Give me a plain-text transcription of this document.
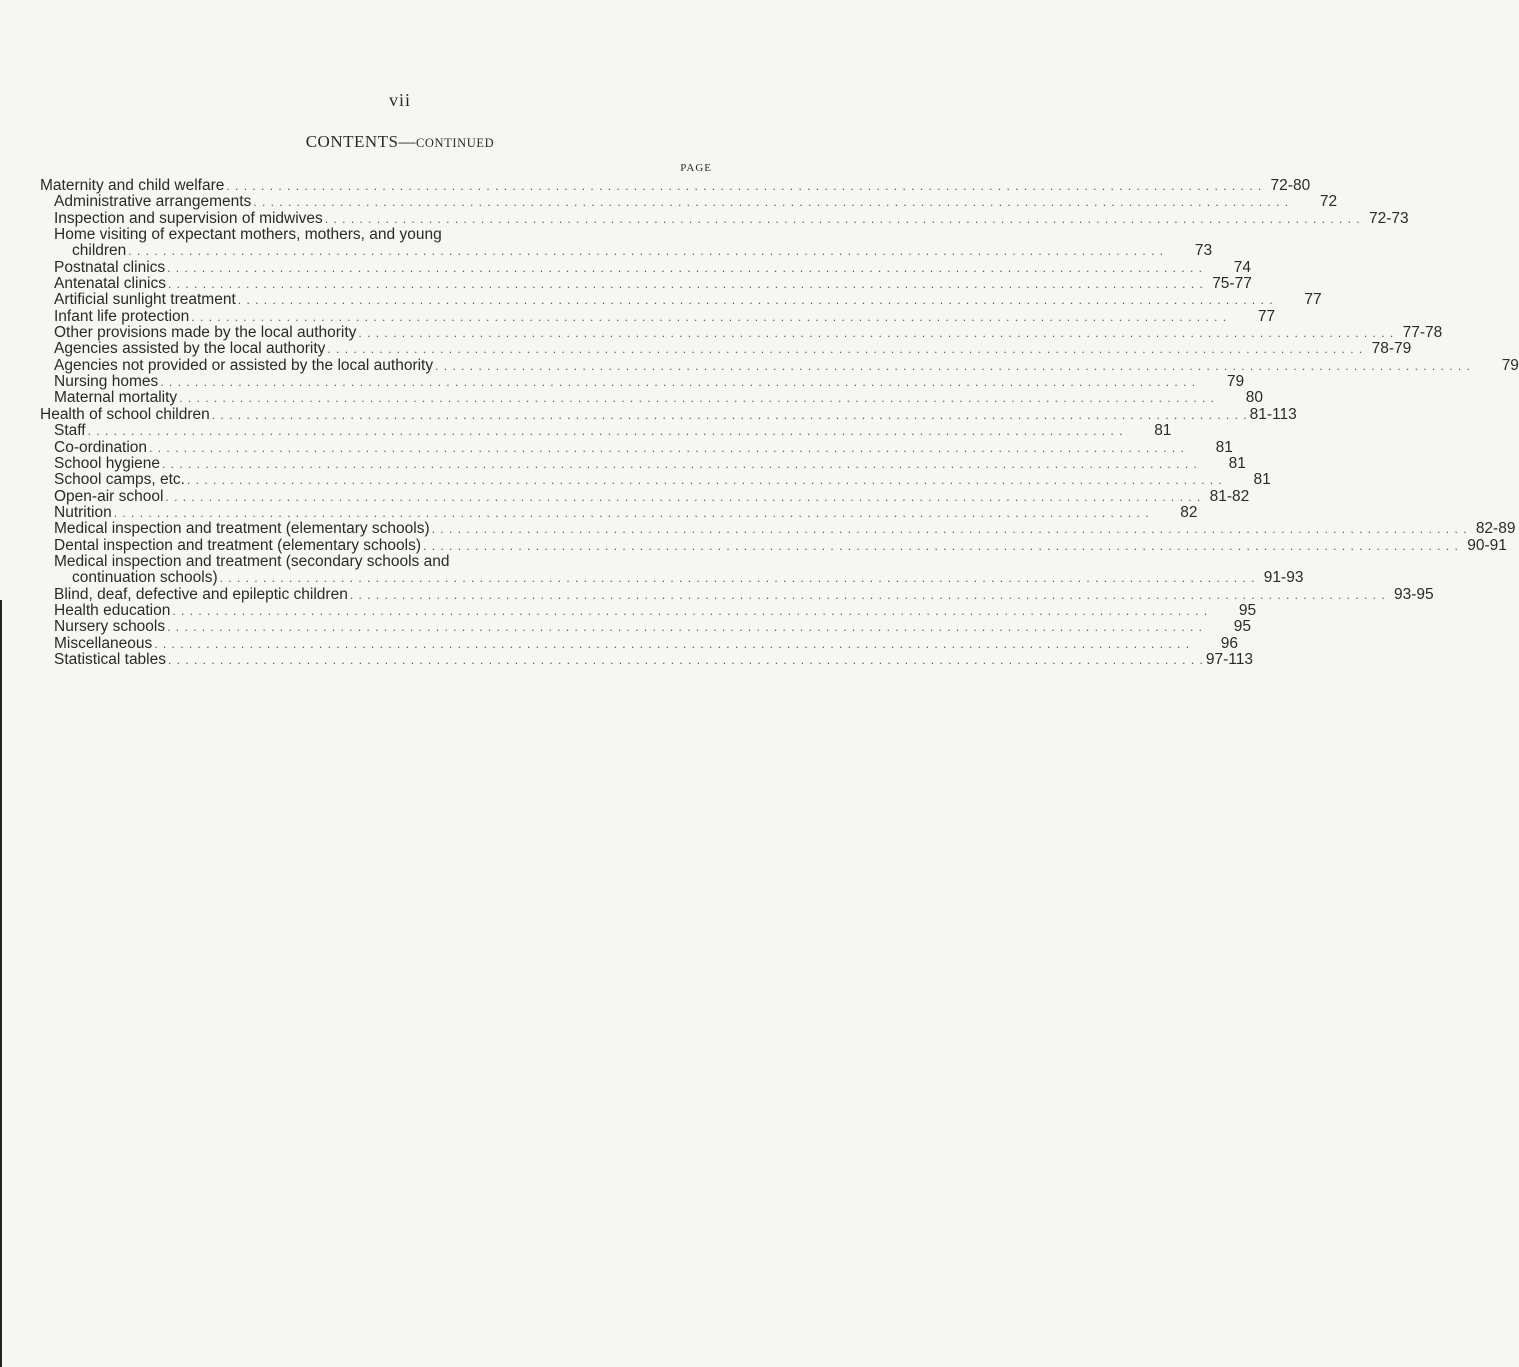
vii
CONTENTS—CONTINUED
PAGE
Maternity and child welfare . . . . . . . . . . . . . . . . . . . . . . . . . . . . . . . . . . . . . . . . . . . . . . . . . . . . . . . . . . . . . . . . . . . . . . . . . . . . . . . . . . . . . . . . . . . . . . . . . . . . . . . . . . . . . . . . . . . . . . . . 72-80
Administrative arrangements . . . . . . . . . . . . . . . . . . . . . . . . . . . . . . . . . . . . . . . . . . . . . . . . . . . . . . . . . . . . . . . . . . . . . . . . . . . . . . . . . . . . . . . . . . . . . . . . . . . . . . . . . . . . . . . . . . . . . . . .	72
Inspection and supervision of midwives . . . . . . . . . . . . . . . . . . . . . . . . . . . . . . . . . . . . . . . . . . . . . . . . . . . . . . . . . . . . . . . . . . . . . . . . . . . . . . . . . . . . . . . . . . . . . . . . . . . . . . . . . . . . . . . . . . . . . . . . 72-73
Home visiting of expectant mothers, mothers, and young
children . . . . . . . . . . . . . . . . . . . . . . . . . . . . . . . . . . . . . . . . . . . . . . . . . . . . . . . . . . . . . . . . . . . . . . . . . . . . . . . . . . . . . . . . . . . . . . . . . . . . . . . . . . . . . . . . . . . . . . . .	73
Postnatal clinics . . . . . . . . . . . . . . . . . . . . . . . . . . . . . . . . . . . . . . . . . . . . . . . . . . . . . . . . . . . . . . . . . . . . . . . . . . . . . . . . . . . . . . . . . . . . . . . . . . . . . . . . . . . . . . . . . . . . . . . .	74
Antenatal clinics . . . . . . . . . . . . . . . . . . . . . . . . . . . . . . . . . . . . . . . . . . . . . . . . . . . . . . . . . . . . . . . . . . . . . . . . . . . . . . . . . . . . . . . . . . . . . . . . . . . . . . . . . . . . . . . . . . . . . . . . 75-77
Artificial sunlight treatment . . . . . . . . . . . . . . . . . . . . . . . . . . . . . . . . . . . . . . . . . . . . . . . . . . . . . . . . . . . . . . . . . . . . . . . . . . . . . . . . . . . . . . . . . . . . . . . . . . . . . . . . . . . . . . . . . . . . . . . .	77
Infant life protection . . . . . . . . . . . . . . . . . . . . . . . . . . . . . . . . . . . . . . . . . . . . . . . . . . . . . . . . . . . . . . . . . . . . . . . . . . . . . . . . . . . . . . . . . . . . . . . . . . . . . . . . . . . . . . . . . . . . . . . .	77
Other provisions made by the local authority . . . . . . . . . . . . . . . . . . . . . . . . . . . . . . . . . . . . . . . . . . . . . . . . . . . . . . . . . . . . . . . . . . . . . . . . . . . . . . . . . . . . . . . . . . . . . . . . . . . . . . . . . . . . . . . . . . . . . . . . 77-78
Agencies assisted by the local authority . . . . . . . . . . . . . . . . . . . . . . . . . . . . . . . . . . . . . . . . . . . . . . . . . . . . . . . . . . . . . . . . . . . . . . . . . . . . . . . . . . . . . . . . . . . . . . . . . . . . . . . . . . . . . . . . . . . . . . . . 78-79
Agencies not provided or assisted by the local authority . . . . . . . . . . . . . . . . . . . . . . . . . . . . . . . . . . . . . . . . . . . . . . . . . . . . . . . . . . . . . . . . . . . . . . . . . . . . . . . . . . . . . . . . . . . . . . . . . . . . . . . . . . . . . . . . . . . . . . . .	79
Nursing homes . . . . . . . . . . . . . . . . . . . . . . . . . . . . . . . . . . . . . . . . . . . . . . . . . . . . . . . . . . . . . . . . . . . . . . . . . . . . . . . . . . . . . . . . . . . . . . . . . . . . . . . . . . . . . . . . . . . . . . . .	79
Maternal mortality . . . . . . . . . . . . . . . . . . . . . . . . . . . . . . . . . . . . . . . . . . . . . . . . . . . . . . . . . . . . . . . . . . . . . . . . . . . . . . . . . . . . . . . . . . . . . . . . . . . . . . . . . . . . . . . . . . . . . . . .	80
Health of school children . . . . . . . . . . . . . . . . . . . . . . . . . . . . . . . . . . . . . . . . . . . . . . . . . . . . . . . . . . . . . . . . . . . . . . . . . . . . . . . . . . . . . . . . . . . . . . . . . . . . . . . . . . . . . . . . . . . . . . . . 81-113
Staff . . . . . . . . . . . . . . . . . . . . . . . . . . . . . . . . . . . . . . . . . . . . . . . . . . . . . . . . . . . . . . . . . . . . . . . . . . . . . . . . . . . . . . . . . . . . . . . . . . . . . . . . . . . . . . . . . . . . . . . .	81
Co-ordination . . . . . . . . . . . . . . . . . . . . . . . . . . . . . . . . . . . . . . . . . . . . . . . . . . . . . . . . . . . . . . . . . . . . . . . . . . . . . . . . . . . . . . . . . . . . . . . . . . . . . . . . . . . . . . . . . . . . . . . .	81
School hygiene . . . . . . . . . . . . . . . . . . . . . . . . . . . . . . . . . . . . . . . . . . . . . . . . . . . . . . . . . . . . . . . . . . . . . . . . . . . . . . . . . . . . . . . . . . . . . . . . . . . . . . . . . . . . . . . . . . . . . . . .	81
School camps, etc. . . . . . . . . . . . . . . . . . . . . . . . . . . . . . . . . . . . . . . . . . . . . . . . . . . . . . . . . . . . . . . . . . . . . . . . . . . . . . . . . . . . . . . . . . . . . . . . . . . . . . . . . . . . . . . . . . . . . . . . .	81
Open-air school . . . . . . . . . . . . . . . . . . . . . . . . . . . . . . . . . . . . . . . . . . . . . . . . . . . . . . . . . . . . . . . . . . . . . . . . . . . . . . . . . . . . . . . . . . . . . . . . . . . . . . . . . . . . . . . . . . . . . . . . 81-82
Nutrition . . . . . . . . . . . . . . . . . . . . . . . . . . . . . . . . . . . . . . . . . . . . . . . . . . . . . . . . . . . . . . . . . . . . . . . . . . . . . . . . . . . . . . . . . . . . . . . . . . . . . . . . . . . . . . . . . . . . . . . .	82
Medical inspection and treatment (elementary schools) . . . . . . . . . . . . . . . . . . . . . . . . . . . . . . . . . . . . . . . . . . . . . . . . . . . . . . . . . . . . . . . . . . . . . . . . . . . . . . . . . . . . . . . . . . . . . . . . . . . . . . . . . . . . . . . . . . . . . . . . 82-89
Dental inspection and treatment (elementary schools) . . . . . . . . . . . . . . . . . . . . . . . . . . . . . . . . . . . . . . . . . . . . . . . . . . . . . . . . . . . . . . . . . . . . . . . . . . . . . . . . . . . . . . . . . . . . . . . . . . . . . . . . . . . . . . . . . . . . . . . . 90-91
Medical inspection and treatment (secondary schools and
continuation schools) . . . . . . . . . . . . . . . . . . . . . . . . . . . . . . . . . . . . . . . . . . . . . . . . . . . . . . . . . . . . . . . . . . . . . . . . . . . . . . . . . . . . . . . . . . . . . . . . . . . . . . . . . . . . . . . . . . . . . . . . 91-93
Blind, deaf, defective and epileptic children . . . . . . . . . . . . . . . . . . . . . . . . . . . . . . . . . . . . . . . . . . . . . . . . . . . . . . . . . . . . . . . . . . . . . . . . . . . . . . . . . . . . . . . . . . . . . . . . . . . . . . . . . . . . . . . . . . . . . . . . 93-95
Health education . . . . . . . . . . . . . . . . . . . . . . . . . . . . . . . . . . . . . . . . . . . . . . . . . . . . . . . . . . . . . . . . . . . . . . . . . . . . . . . . . . . . . . . . . . . . . . . . . . . . . . . . . . . . . . . . . . . . . . . .	95
Nursery schools . . . . . . . . . . . . . . . . . . . . . . . . . . . . . . . . . . . . . . . . . . . . . . . . . . . . . . . . . . . . . . . . . . . . . . . . . . . . . . . . . . . . . . . . . . . . . . . . . . . . . . . . . . . . . . . . . . . . . . . .	95
Miscellaneous . . . . . . . . . . . . . . . . . . . . . . . . . . . . . . . . . . . . . . . . . . . . . . . . . . . . . . . . . . . . . . . . . . . . . . . . . . . . . . . . . . . . . . . . . . . . . . . . . . . . . . . . . . . . . . . . . . . . . . . .	96
Statistical tables . . . . . . . . . . . . . . . . . . . . . . . . . . . . . . . . . . . . . . . . . . . . . . . . . . . . . . . . . . . . . . . . . . . . . . . . . . . . . . . . . . . . . . . . . . . . . . . . . . . . . . . . . . . . . . . . . . . . . . . . 97-113
